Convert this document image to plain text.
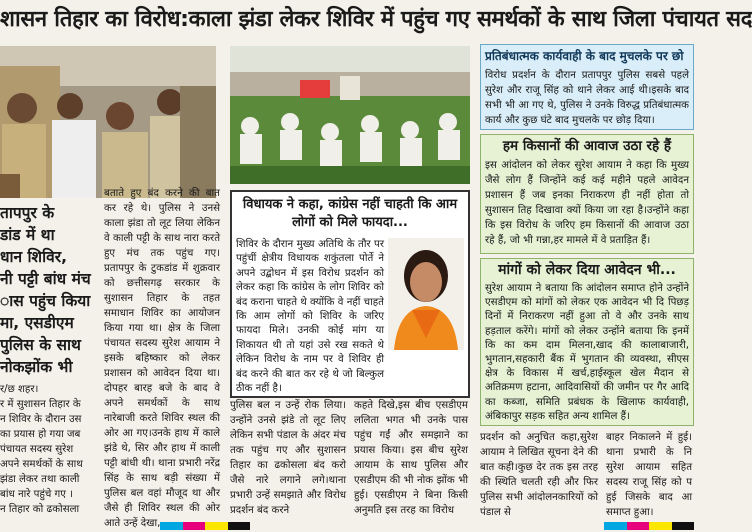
शासन तिहार का विरोध:काला झंडा लेकर शिविर में पहुंच गए समर्थकों के साथ जिला पंचायत सद
तापपुर के
डांड में था
धान शिविर,
नी पट्टी बांध मंच
ास पहुंच किया
मा, एसडीएम
पुलिस के साथ
नोकझोंक भी

र/छ शहर।

र में सुशासन तिहार के

न शिविर के दौरान उस

का प्रयास हो गया जब

पंचायत सदस्य सुरेश

अपने समर्थकों के साथ

झंडा लेकर तथा काली

बांध नारे पहुंचे गए ।

न तिहार को ढकोसला

बताते हुए बंद करने की बात कर रहे थे। पुलिस ने उनसे काला झंडा तो लूट लिया लेकिन वे काली पट्टी के साथ नारा करते हुए मंच तक पहुंच गए। प्रतापपुर के टुकडांड में शुक्रवार को छत्तीसगढ़ सरकार के सुशासन तिहार के तहत समाधान शिविर का आयोजन किया गया था। क्षेत्र के जिला पंचायत सदस्य सुरेश आयाम ने इसके बहिष्कार को लेकर प्रशासन को आवेदन दिया था। दोपहर बारह बजे के बाद वे अपने समर्थकों के साथ नारेबाजी करते शिविर स्थल की ओर आ गए।उनके हाथ में काले झंडे थे, सिर और हाथ में काली पट्टी बांधी थी। थाना प्रभारी नरेंद्र सिंह के साथ बड़ी संख्या में पुलिस बल वहां मौजूद था और जैसे ही शिविर स्थल की ओर आते उन्हें देखा,
विधायक ने कहा, कांग्रेस नहीं चाहती कि आम लोगों को मिले फायदा...
शिविर के दौरान मुख्य अतिथि के तौर पर पहुंचीं क्षेत्रीय विधायक शकुंतला पोर्ते ने अपने उद्बोधन में इस विरोध प्रदर्शन को लेकर कहा कि कांग्रेस के लोग शिविर को बंद कराना चाहते थे क्योंकि वे नहीं चाहते कि आम लोगों को शिविर के जरिए फायदा मिले। उनकी कोई मांग या शिकायत थी तो यहां उसे रख सकते थे लेकिन विरोध के नाम पर वे शिविर ही बंद करने की बात कर रहे थे जो बिल्कुल ठीक नहीं है।
पुलिस बल न उन्हें रोक लिया। उन्होंने उनसे झंडे तो लूट लिए लेकिन सभी पंडाल के अंदर मंच तक पहुंच गए और सुशासन तिहार का ढकोसला बंद करो जैसे नारे लगाने लगे।थाना प्रभारी उन्हें समझाते और विरोध प्रदर्शन बंद करने
कहते दिखे,इस बीच एसडीएम ललिता भगत भी उनके पास पहुंच गईं और समझाने का प्रयास किया। इस बीच सुरेश आयाम के साथ पुलिस और एसडीएम की भी नोक झोंक भी हुई। एसडीएम ने बिना किसी अनुमति इस तरह का विरोध
प्रतिबंधात्मक कार्यवाही के बाद मुचलके पर छो
विरोध प्रदर्शन के दौरान प्रतापपुर पुलिस सबसे पहले सुरेश और राजू सिंह को थाने लेकर आई थी।इसके बाद सभी भी आ गए थे, पुलिस ने उनके विरुद्ध प्रतिबंधात्मक कार्य और कुछ घंटे बाद मुचलके पर छोड़ दिया।
हम किसानों की आवाज उठा रहे हैं
इस आंदोलन को लेकर सुरेश आयाम ने कहा कि मुख्य जैसे लोग हैं जिन्होंने कई कई महीने पहले आवेदन प्रशासन हैं जब इनका निराकरण ही नहीं होता तो सुशासन तिह दिखावा क्यों किया जा रहा है।उन्होंने कहा कि इस विरोध के जरिए हम किसानों की आवाज उठा रहे हैं, जो भी गन्ना,हर मामले में वे प्रताड़ित हैं।
मांगों को लेकर दिया आवेदन भी...
सुरेश आयाम ने बताया कि आंदोलन समाप्त होने उन्होंने एसडीएम को मांगों को लेकर एक आवेदन भी दि पिछड़ दिनों में निराकरण नहीं हुआ तो वे और उनके साथ हड़ताल करेंगे। मांगों को लेकर उन्होंने बताया कि इनमें कि का कम दाम मिलना,खाद की कालाबाजारी, भुगतान,सहकारी बैंक में भुगतान की व्यवस्था, सीएस क्षेत्र के विकास में खर्च,हाईस्कूल खेल मैदान से अतिक्रमण हटाना, आदिवासियों की जमीन पर गैर आदि का कब्जा, समिति प्रबंधक के खिलाफ कार्यवाही, अंबिकापुर सड़क सहित अन्य शामिल हैं।
प्रदर्शन को अनुचित कहा,सुरेश आयाम ने लिखित सूचना देने की बात कही।कुछ देर तक इस तरह की स्थिति चलती रही और फिर पुलिस सभी आंदोलनकारियों को पंडाल से
बाहर निकालने में हुई। थाना प्रभारी के नि सुरेश आयाम सहित सदस्य राजू सिंह को प हुई जिसके बाद आ समाप्त हुआ।
